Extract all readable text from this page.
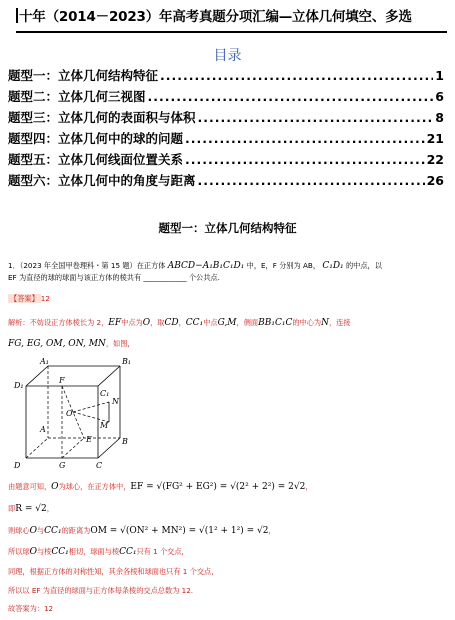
十年（2014－2023）年高考真题分项汇编—立体几何填空、多选
目录
题型一：立体几何结构特征 .....	1
题型二：立体几何三视图 .....	6
题型三：立体几何的表面积与体积 .....	8
题型四：立体几何中的球的问题 .....	21
题型五：立体几何线面位置关系 .....	22
题型六：立体几何中的角度与距离 .....	26
题型一：立体几何结构特征
1．（2023 年全国甲卷理科・第 15 题）在正方体 ABCD−A₁B₁C₁D₁ 中，E，F 分别为 AB， C₁D₁ 的中点，以
EF 为直径的球的球面与该正方体的棱共有 ____________ 个公共点.
【答案】 12
解析：不妨设正方体棱长为 2，EF中点为O，取CD，CC₁中点G,M，侧面BB₁C₁C的中心为N，连接
FG, EG, OM, ON, MN，如图，
A₁	B₁
D₁
C₁
F
O
N
M
A
B
E
D	G	C
由题意可知，O为球心，在正方体中，EF = √(FG² + EG²) = √(2² + 2²) = 2√2，
即R = √2，
则球心O与CC₁的距离为OM = √(ON² + MN²) = √(1² + 1²) = √2，
所以球O与棱CC₁相切，球面与棱CC₁只有 1 个交点，
同理，根据正方体的对称性知，其余各棱和球面也只有 1 个交点，
所以以 EF 为直径的球面与正方体每条棱的交点总数为 12.
故答案为：12
